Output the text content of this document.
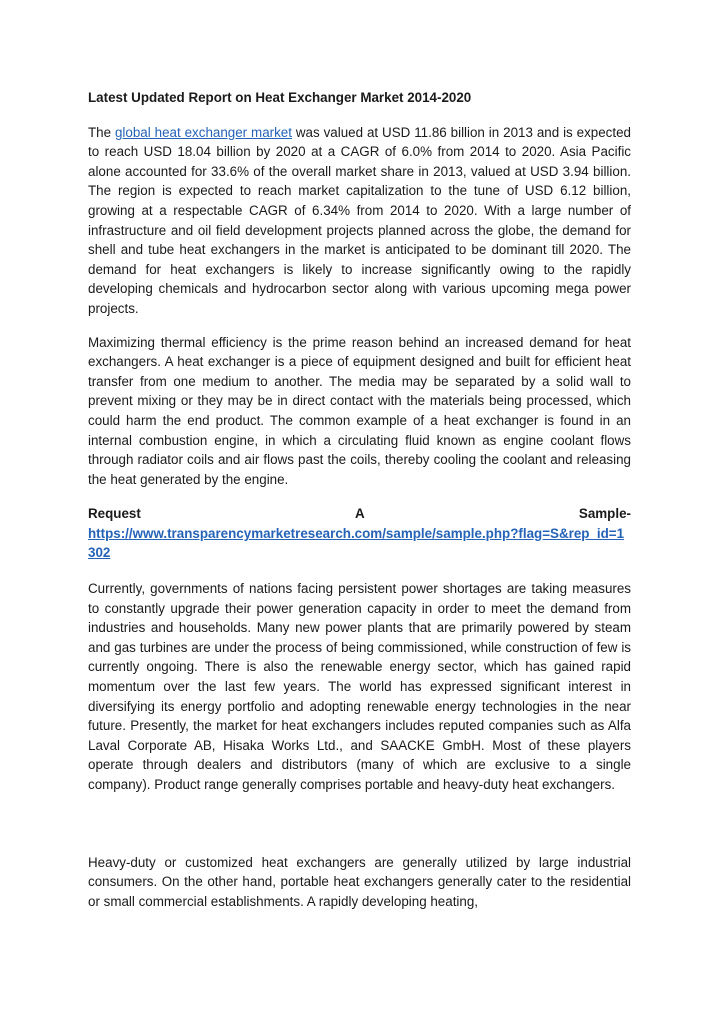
Latest Updated Report on Heat Exchanger Market 2014-2020

The global heat exchanger market was valued at USD 11.86 billion in 2013 and is expected to reach USD 18.04 billion by 2020 at a CAGR of 6.0% from 2014 to 2020. Asia Pacific alone accounted for 33.6% of the overall market share in 2013, valued at USD 3.94 billion. The region is expected to reach market capitalization to the tune of USD 6.12 billion, growing at a respectable CAGR of 6.34% from 2014 to 2020. With a large number of infrastructure and oil field development projects planned across the globe, the demand for shell and tube heat exchangers in the market is anticipated to be dominant till 2020. The demand for heat exchangers is likely to increase significantly owing to the rapidly developing chemicals and hydrocarbon sector along with various upcoming mega power projects.

Maximizing thermal efficiency is the prime reason behind an increased demand for heat exchangers. A heat exchanger is a piece of equipment designed and built for efficient heat transfer from one medium to another. The media may be separated by a solid wall to prevent mixing or they may be in direct contact with the materials being processed, which could harm the end product. The common example of a heat exchanger is found in an internal combustion engine, in which a circulating fluid known as engine coolant flows through radiator coils and air flows past the coils, thereby cooling the coolant and releasing the heat generated by the engine.

Request	A	Sample-
https://www.transparencymarketresearch.com/sample/sample.php?flag=S&rep_id=1302

Currently, governments of nations facing persistent power shortages are taking measures to constantly upgrade their power generation capacity in order to meet the demand from industries and households. Many new power plants that are primarily powered by steam and gas turbines are under the process of being commissioned, while construction of few is currently ongoing. There is also the renewable energy sector, which has gained rapid momentum over the last few years. The world has expressed significant interest in diversifying its energy portfolio and adopting renewable energy technologies in the near future. Presently, the market for heat exchangers includes reputed companies such as Alfa Laval Corporate AB, Hisaka Works Ltd., and SAACKE GmbH. Most of these players operate through dealers and distributors (many of which are exclusive to a single company). Product range generally comprises portable and heavy-duty heat exchangers.

Heavy-duty or customized heat exchangers are generally utilized by large industrial consumers. On the other hand, portable heat exchangers generally cater to the residential or small commercial establishments. A rapidly developing heating,
